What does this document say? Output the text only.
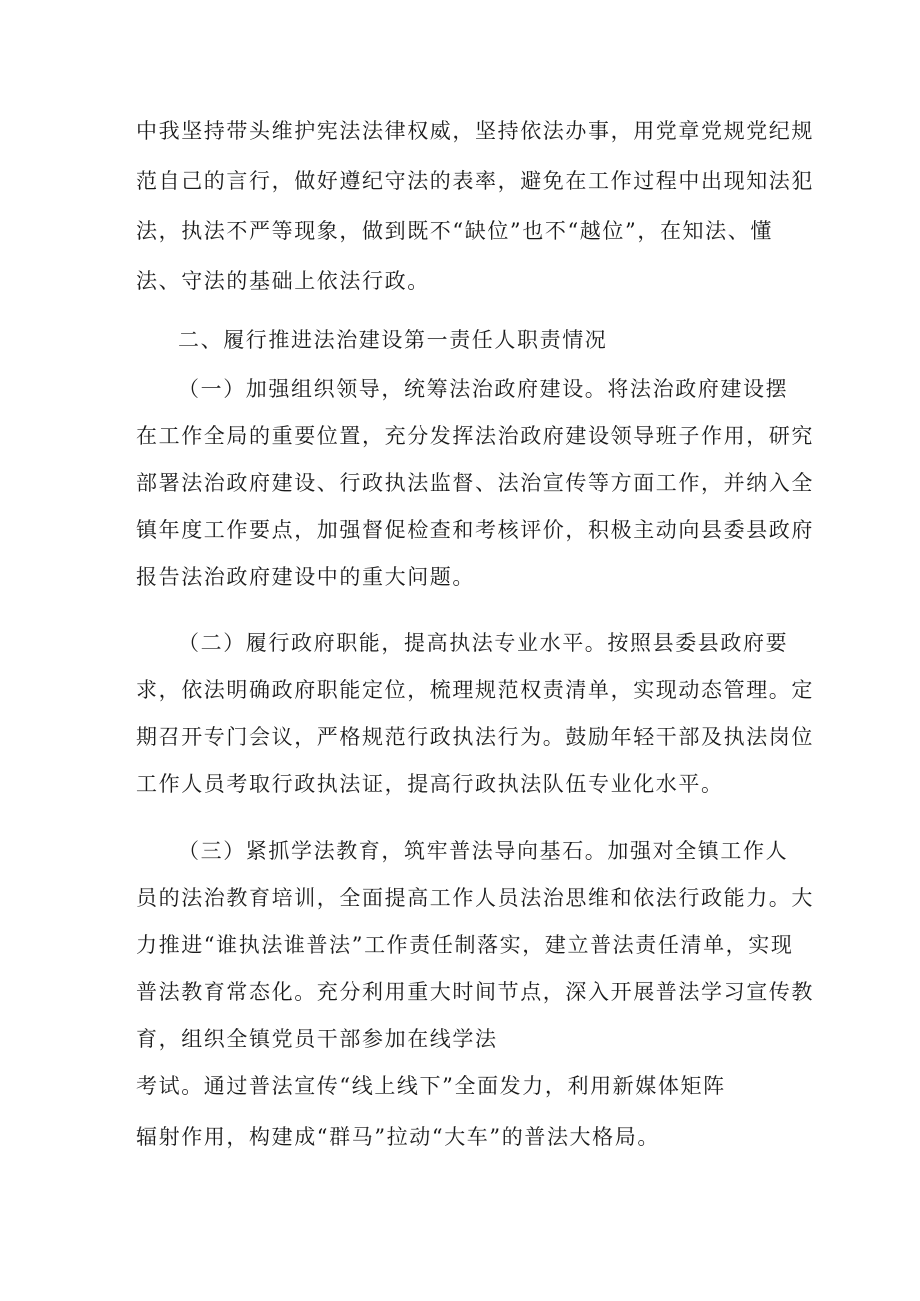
中我坚持带头维护宪法法律权威，坚持依法办事，用党章党规党纪规
范自己的言行，做好遵纪守法的表率，避免在工作过程中出现知法犯
法，执法不严等现象，做到既不“缺位”也不“越位”，在知法、懂
法、守法的基础上依法行政。
二、履行推进法治建设第一责任人职责情况
（一）加强组织领导，统筹法治政府建设。将法治政府建设摆
在工作全局的重要位置，充分发挥法治政府建设领导班子作用，研究
部署法治政府建设、行政执法监督、法治宣传等方面工作，并纳入全
镇年度工作要点，加强督促检查和考核评价，积极主动向县委县政府
报告法治政府建设中的重大问题。
（二）履行政府职能，提高执法专业水平。按照县委县政府要
求，依法明确政府职能定位，梳理规范权责清单，实现动态管理。定
期召开专门会议，严格规范行政执法行为。鼓励年轻干部及执法岗位
工作人员考取行政执法证，提高行政执法队伍专业化水平。
（三）紧抓学法教育，筑牢普法导向基石。加强对全镇工作人
员的法治教育培训，全面提高工作人员法治思维和依法行政能力。大
力推进“谁执法谁普法”工作责任制落实，建立普法责任清单，实现
普法教育常态化。充分利用重大时间节点，深入开展普法学习宣传教
育，组织全镇党员干部参加在线学法
考试。通过普法宣传“线上线下”全面发力，利用新媒体矩阵
辐射作用，构建成“群马”拉动“大车”的普法大格局。
